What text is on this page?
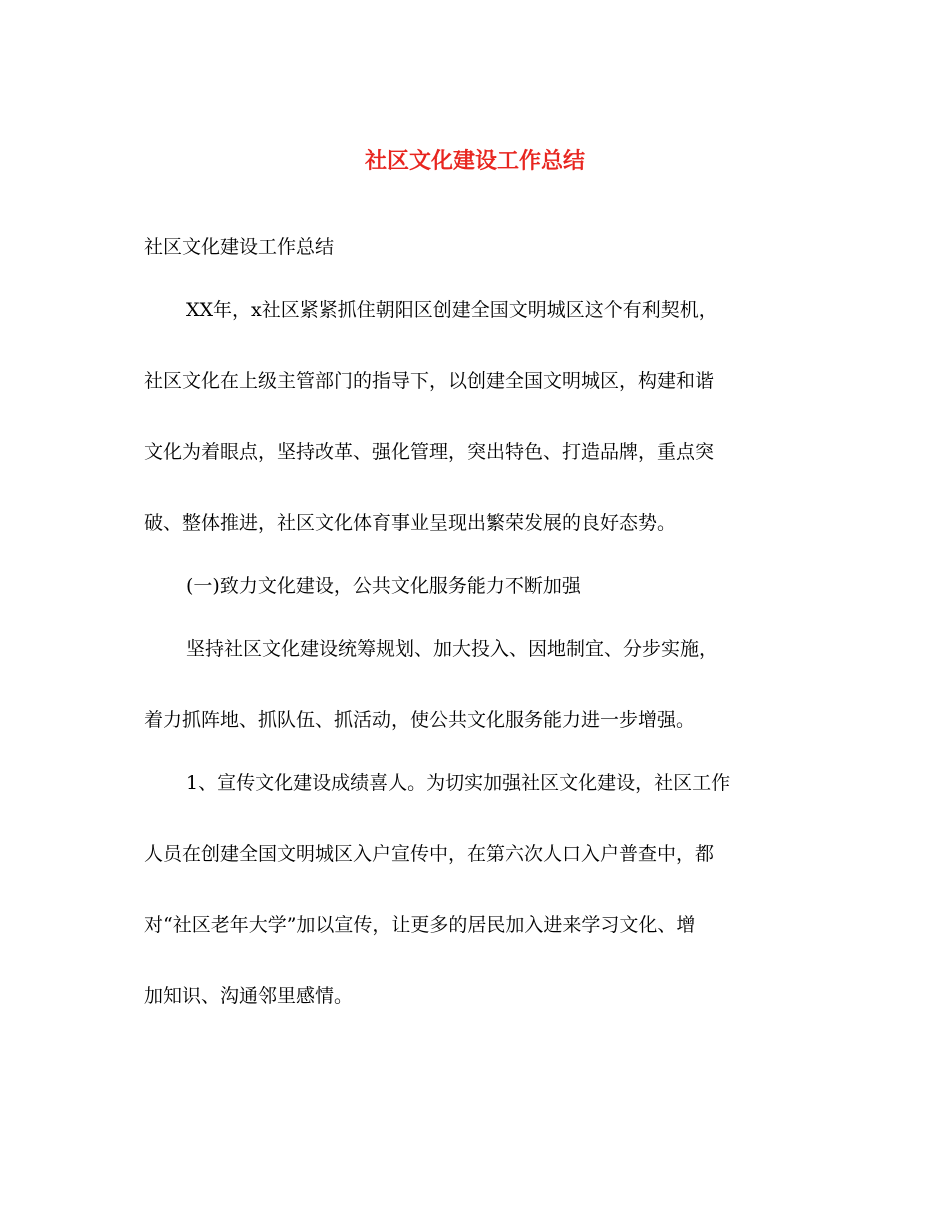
社区文化建设工作总结
社区文化建设工作总结
XX年，x社区紧紧抓住朝阳区创建全国文明城区这个有利契机，
社区文化在上级主管部门的指导下，以创建全国文明城区，构建和谐
文化为着眼点，坚持改革、强化管理，突出特色、打造品牌，重点突
破、整体推进，社区文化体育事业呈现出繁荣发展的良好态势。
(一)致力文化建设，公共文化服务能力不断加强
坚持社区文化建设统筹规划、加大投入、因地制宜、分步实施，
着力抓阵地、抓队伍、抓活动，使公共文化服务能力进一步增强。
1、宣传文化建设成绩喜人。为切实加强社区文化建设，社区工作
人员在创建全国文明城区入户宣传中，在第六次人口入户普查中，都
对“社区老年大学”加以宣传，让更多的居民加入进来学习文化、增
加知识、沟通邻里感情。
